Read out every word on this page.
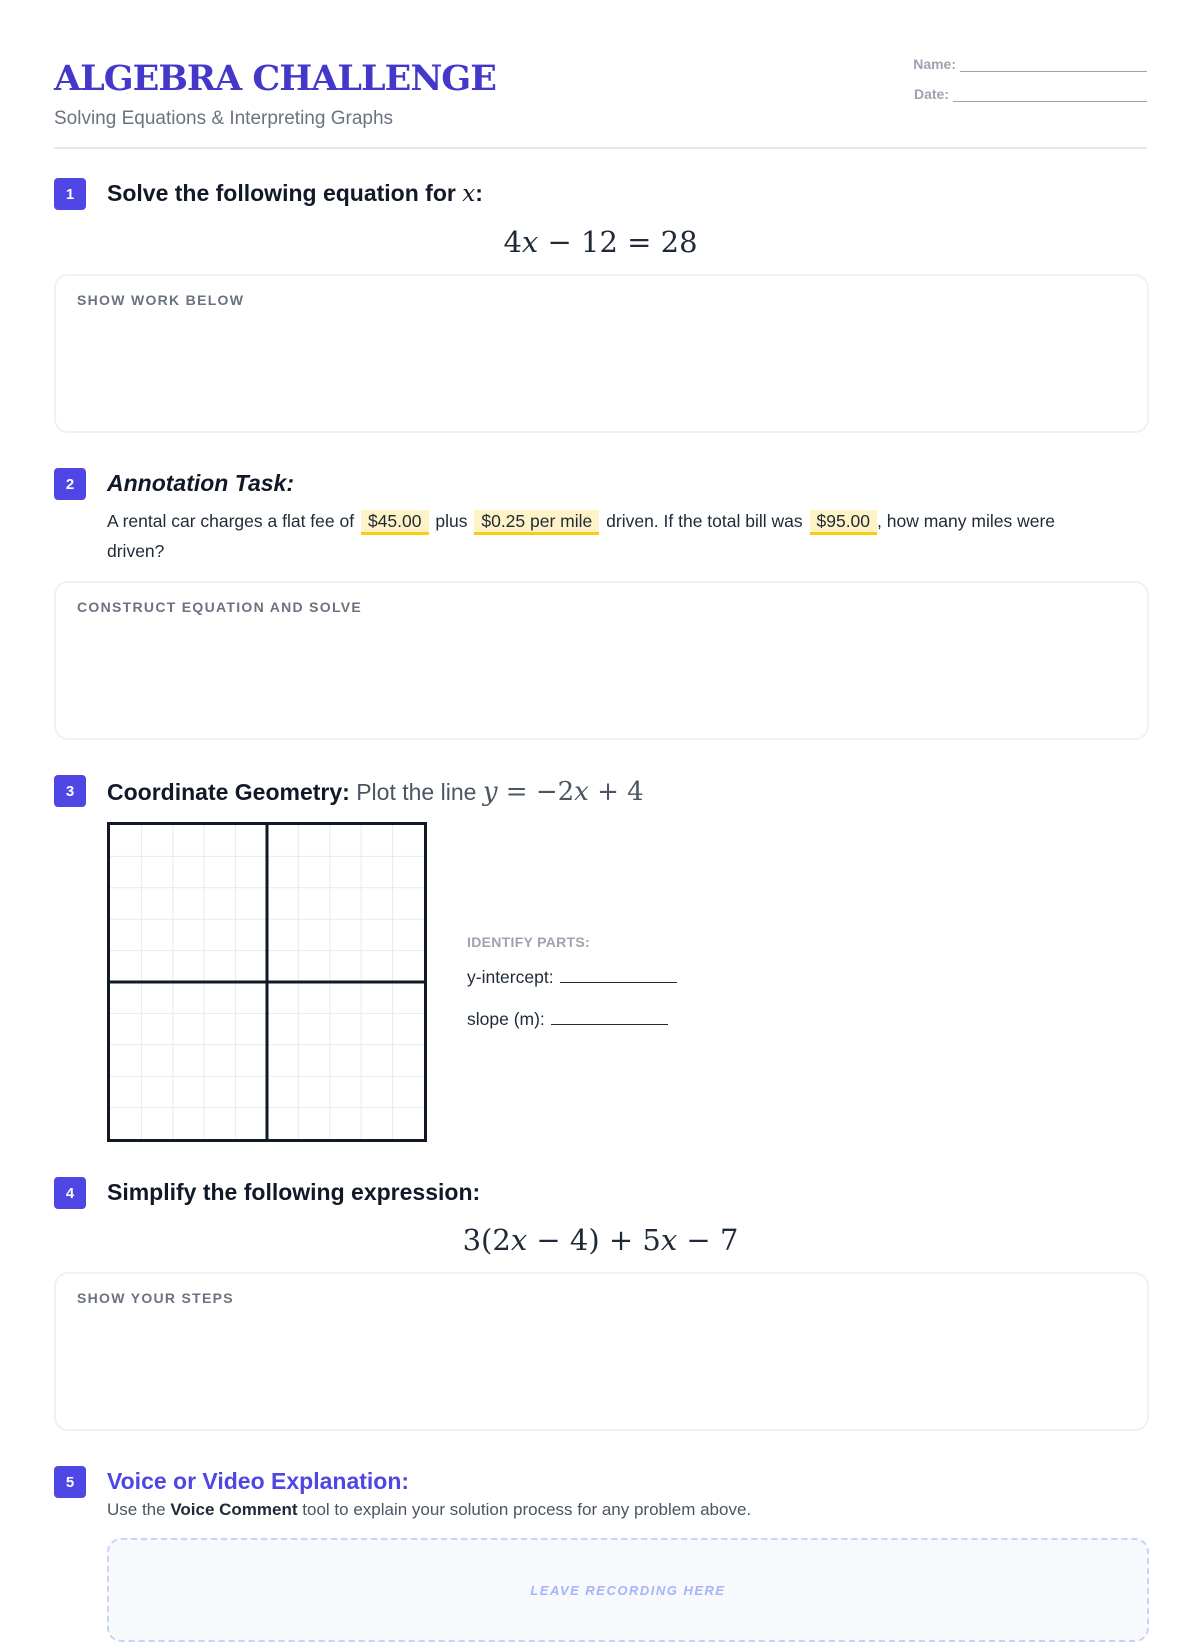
ALGEBRA CHALLENGE
Solving Equations & Interpreting Graphs
Name:
Date:
1	Solve the following equation for x:
4x − 12 = 28
SHOW WORK BELOW
2	Annotation Task:
A rental car charges a flat fee of $45.00 plus $0.25 per mile driven. If the total bill was $95.00 , how many miles were driven?
CONSTRUCT EQUATION AND SOLVE
3	Coordinate Geometry: Plot the line y = −2x + 4
IDENTIFY PARTS:
y-intercept:
slope (m):
4	Simplify the following expression:
3(2x − 4) + 5x − 7
SHOW YOUR STEPS
5	Voice or Video Explanation:
Use the Voice Comment tool to explain your solution process for any problem above.
LEAVE RECORDING HERE
